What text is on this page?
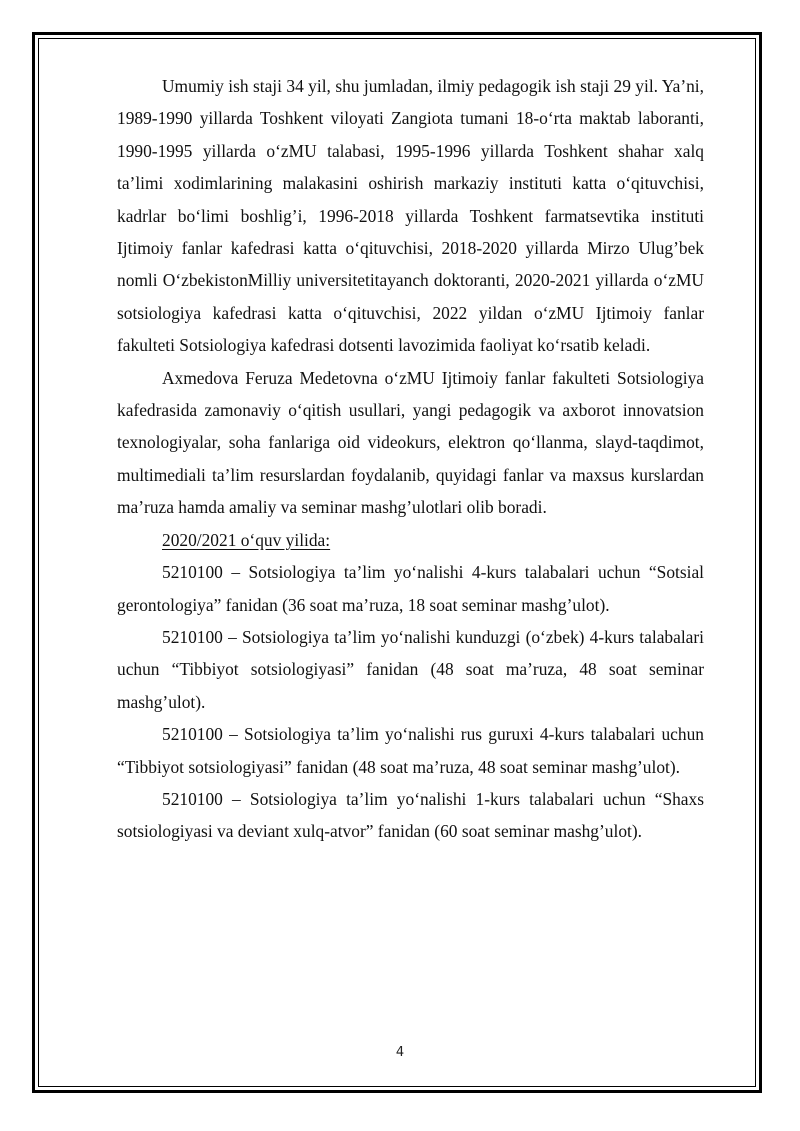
Umumiy ish staji 34 yil, shu jumladan, ilmiy pedagogik ish staji 29 yil. Ya’ni, 1989-1990 yillarda Toshkent viloyati Zangiota tumani 18-o‘rta maktab laboranti, 1990-1995 yillarda o‘zMU talabasi, 1995-1996 yillarda Toshkent shahar xalq ta’limi xodimlarining malakasini oshirish markaziy instituti katta o‘qituvchisi, kadrlar bo‘limi boshlig’i, 1996-2018 yillarda Toshkent farmatsevtika instituti Ijtimoiy fanlar kafedrasi katta o‘qituvchisi, 2018-2020 yillarda Mirzo Ulug’bek nomli O‘zbekistonMilliy universitetitayanch doktoranti, 2020-2021 yillarda o‘zMU sotsiologiya kafedrasi katta o‘qituvchisi, 2022 yildan o‘zMU Ijtimoiy fanlar fakulteti Sotsiologiya kafedrasi dotsenti lavozimida faoliyat ko‘rsatib keladi.

Axmedova Feruza Medetovna o‘zMU Ijtimoiy fanlar fakulteti Sotsiologiya kafedrasida zamonaviy o‘qitish usullari, yangi pedagogik va axborot innovatsion texnologiyalar, soha fanlariga oid videokurs, elektron qo‘llanma, slayd-taqdimot, multimediali ta’lim resurslardan foydalanib, quyidagi fanlar va maxsus kurslardan ma’ruza hamda amaliy va seminar mashg’ulotlari olib boradi.

2020/2021 o‘quv yilida:

5210100 – Sotsiologiya ta’lim yo‘nalishi 4-kurs talabalari uchun “Sotsial gerontologiya” fanidan (36 soat ma’ruza, 18 soat seminar mashg’ulot).

5210100 – Sotsiologiya ta’lim yo‘nalishi kunduzgi (o‘zbek) 4-kurs talabalari uchun “Tibbiyot sotsiologiyasi” fanidan (48 soat ma’ruza, 48 soat seminar mashg’ulot).

5210100 – Sotsiologiya ta’lim yo‘nalishi rus guruxi 4-kurs talabalari uchun “Tibbiyot sotsiologiyasi” fanidan (48 soat ma’ruza, 48 soat seminar mashg’ulot).

5210100 – Sotsiologiya ta’lim yo‘nalishi 1-kurs talabalari uchun “Shaxs sotsiologiyasi va deviant xulq-atvor” fanidan (60 soat seminar mashg’ulot).

4
